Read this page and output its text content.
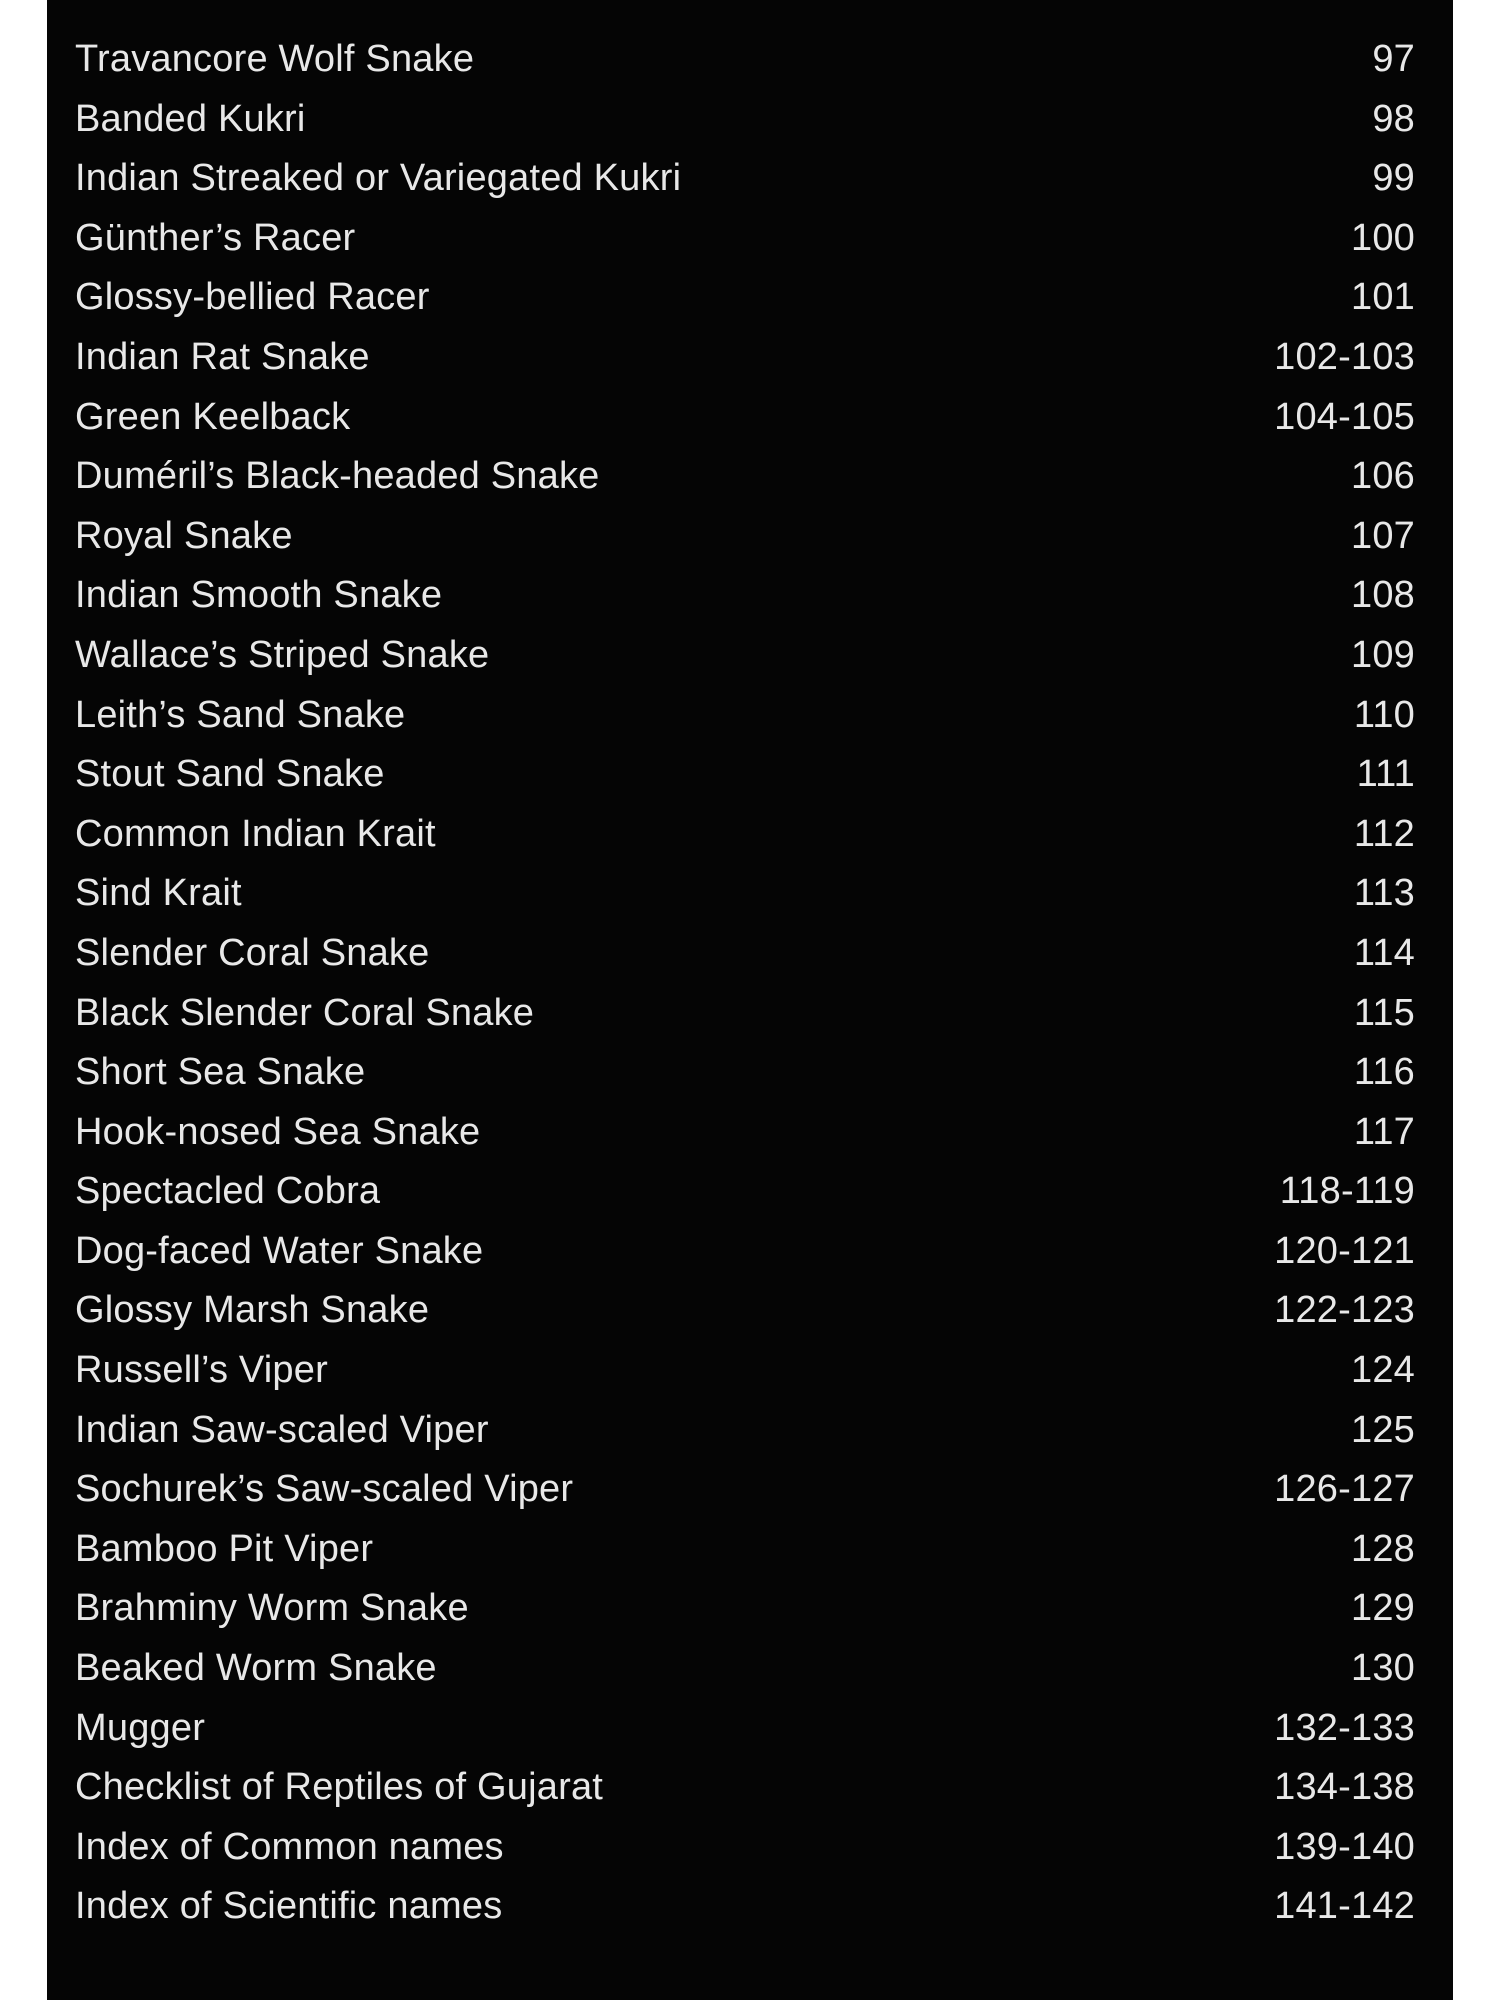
Travancore Wolf Snake	97
Banded Kukri	98
Indian Streaked or Variegated Kukri	99
Günther’s Racer	100
Glossy-bellied Racer	101
Indian Rat Snake	102-103
Green Keelback	104-105
Duméril’s Black-headed Snake	106
Royal Snake	107
Indian Smooth Snake	108
Wallace’s Striped Snake	109
Leith’s Sand Snake	110
Stout Sand Snake	111
Common Indian Krait	112
Sind Krait	113
Slender Coral Snake	114
Black Slender Coral Snake	115
Short Sea Snake	116
Hook-nosed Sea Snake	117
Spectacled Cobra	118-119
Dog-faced Water Snake	120-121
Glossy Marsh Snake	122-123
Russell’s Viper	124
Indian Saw-scaled Viper	125
Sochurek’s Saw-scaled Viper	126-127
Bamboo Pit Viper	128
Brahminy Worm Snake	129
Beaked Worm Snake	130
Mugger	132-133
Checklist of Reptiles of Gujarat	134-138
Index of Common names	139-140
Index of Scientific names	141-142
